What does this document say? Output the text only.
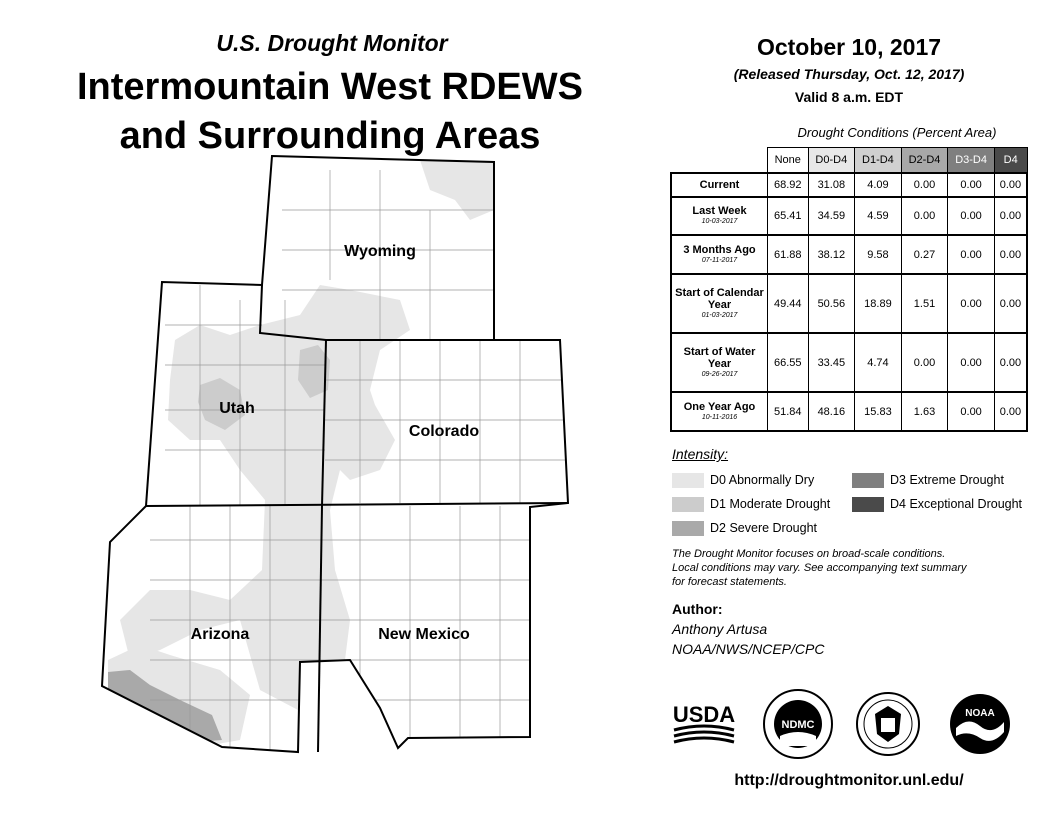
U.S. Drought Monitor
Intermountain West RDEWS
and Surrounding Areas
October 10, 2017
(Released Thursday, Oct. 12, 2017)
Valid 8 a.m. EDT
Wyoming
Utah
Colorado
Arizona	New Mexico
Drought Conditions (Percent Area)
	None	D0-D4	D1-D4	D2-D4	D3-D4	D4
Current	68.92	31.08	4.09	0.00	0.00	0.00
Last Week
10-03-2017	65.41	34.59	4.59	0.00	0.00	0.00
3 Months Ago
07-11-2017	61.88	38.12	9.58	0.27	0.00	0.00
Start of Calendar Year
01-03-2017	49.44	50.56	18.89	1.51	0.00	0.00
Start of Water Year
09-26-2017	66.55	33.45	4.74	0.00	0.00	0.00
One Year Ago
10-11-2016	51.84	48.16	15.83	1.63	0.00	0.00
Intensity:
D0 Abnormally Dry
D1 Moderate Drought
D2 Severe Drought
D3 Extreme Drought
D4 Exceptional Drought
The Drought Monitor focuses on broad-scale conditions.
Local conditions may vary. See accompanying text summary
for forecast statements.
Author:
Anthony Artusa
NOAA/NWS/NCEP/CPC
USDA	NDMC
NOAA
http://droughtmonitor.unl.edu/
